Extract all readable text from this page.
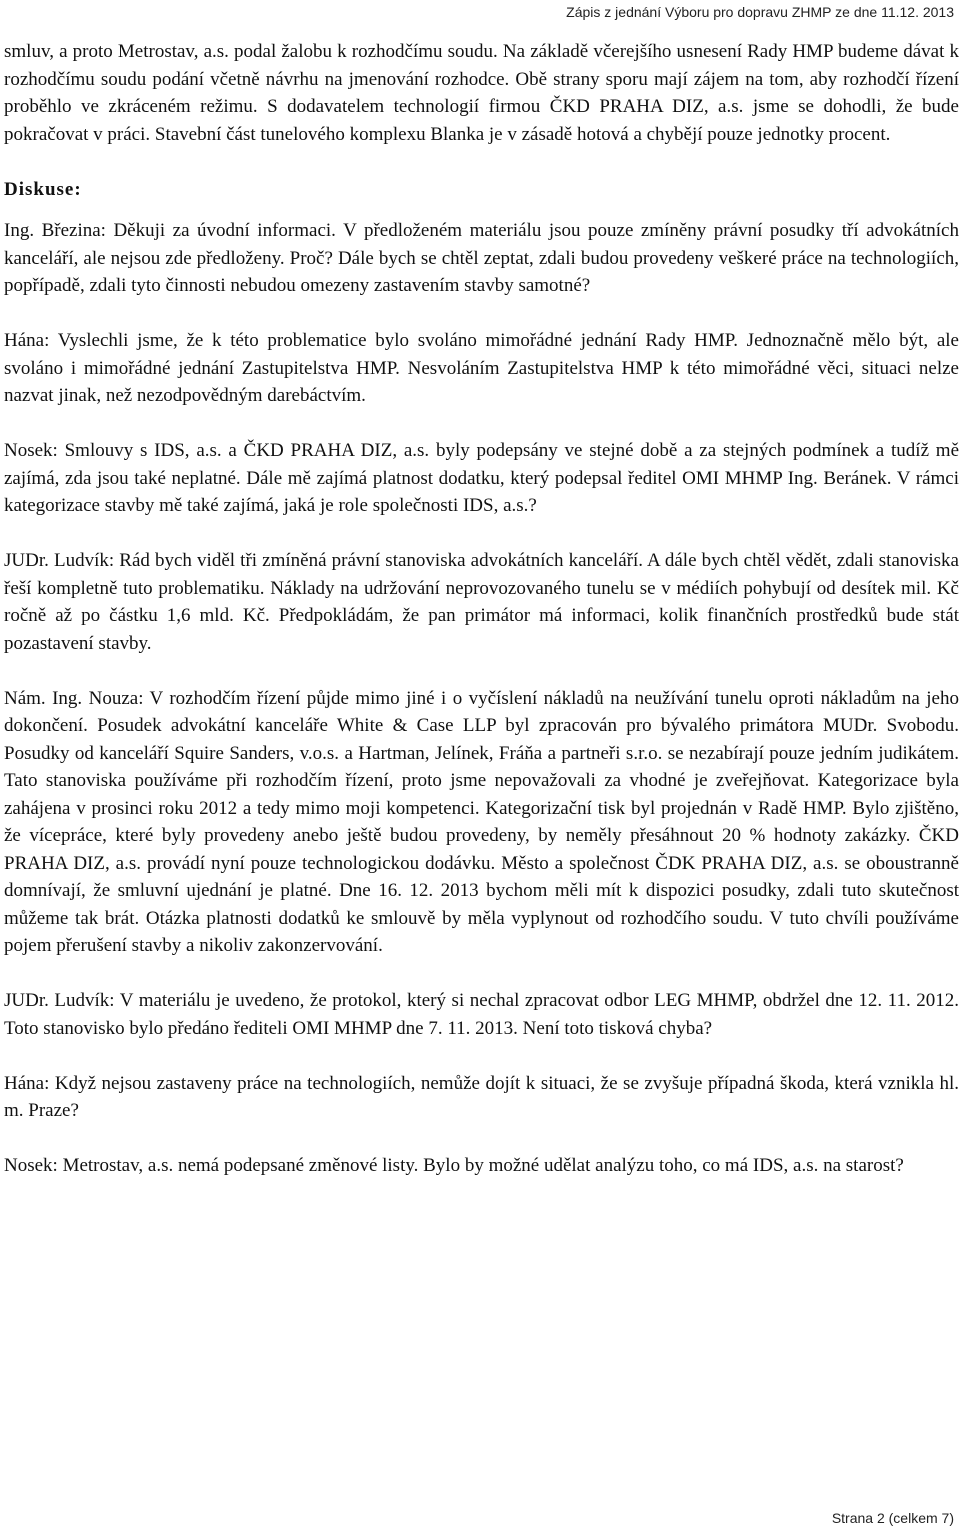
Zápis z jednání Výboru pro dopravu ZHMP ze dne 11.12. 2013

smluv, a proto Metrostav, a.s. podal žalobu k rozhodčímu soudu. Na základě včerejšího usnesení Rady HMP budeme dávat k rozhodčímu soudu podání včetně návrhu na jmenování rozhodce. Obě strany sporu mají zájem na tom, aby rozhodčí řízení proběhlo ve zkráceném režimu. S dodavatelem technologií firmou ČKD PRAHA DIZ, a.s. jsme se dohodli, že bude pokračovat v práci. Stavební část tunelového komplexu Blanka je v zásadě hotová a chybějí pouze jednotky procent.

Diskuse:

Ing. Březina: Děkuji za úvodní informaci. V předloženém materiálu jsou pouze zmíněny právní posudky tří advokátních kanceláří, ale nejsou zde předloženy. Proč? Dále bych se chtěl zeptat, zdali budou provedeny veškeré práce na technologiích, popřípadě, zdali tyto činnosti nebudou omezeny zastavením stavby samotné?

Hána: Vyslechli jsme, že k této problematice bylo svoláno mimořádné jednání Rady HMP. Jednoznačně mělo být, ale svoláno i mimořádné jednání Zastupitelstva HMP. Nesvoláním Zastupitelstva HMP k této mimořádné věci, situaci nelze nazvat jinak, než nezodpovědným darebáctvím.

Nosek: Smlouvy s IDS, a.s. a ČKD PRAHA DIZ, a.s. byly podepsány ve stejné době a za stejných podmínek a tudíž mě zajímá, zda jsou také neplatné. Dále mě zajímá platnost dodatku, který podepsal ředitel OMI MHMP Ing. Beránek. V rámci kategorizace stavby mě také zajímá, jaká je role společnosti IDS, a.s.?

JUDr. Ludvík: Rád bych viděl tři zmíněná právní stanoviska advokátních kanceláří. A dále bych chtěl vědět, zdali stanoviska řeší kompletně tuto problematiku. Náklady na udržování neprovozovaného tunelu se v médiích pohybují od desítek mil. Kč ročně až po částku 1,6 mld. Kč. Předpokládám, že pan primátor má informaci, kolik finančních prostředků bude stát pozastavení stavby.

Nám. Ing. Nouza: V rozhodčím řízení půjde mimo jiné i o vyčíslení nákladů na neužívání tunelu oproti nákladům na jeho dokončení. Posudek advokátní kanceláře White & Case LLP byl zpracován pro bývalého primátora MUDr. Svobodu. Posudky od kanceláří Squire Sanders, v.o.s. a Hartman, Jelínek, Fráňa a partneři s.r.o. se nezabírají pouze jedním judikátem. Tato stanoviska používáme při rozhodčím řízení, proto jsme nepovažovali za vhodné je zveřejňovat. Kategorizace byla zahájena v prosinci roku 2012 a tedy mimo moji kompetenci. Kategorizační tisk byl projednán v Radě HMP. Bylo zjištěno, že vícepráce, které byly provedeny anebo ještě budou provedeny, by neměly přesáhnout 20 % hodnoty zakázky. ČKD PRAHA DIZ, a.s. provádí nyní pouze technologickou dodávku. Město a společnost ČDK PRAHA DIZ, a.s. se oboustranně domnívají, že smluvní ujednání je platné. Dne 16. 12. 2013 bychom měli mít k dispozici posudky, zdali tuto skutečnost můžeme tak brát. Otázka platnosti dodatků ke smlouvě by měla vyplynout od rozhodčího soudu. V tuto chvíli používáme pojem přerušení stavby a nikoliv zakonzervování.

JUDr. Ludvík: V materiálu je uvedeno, že protokol, který si nechal zpracovat odbor LEG MHMP, obdržel dne 12. 11. 2012. Toto stanovisko bylo předáno řediteli OMI MHMP dne 7. 11. 2013. Není toto tisková chyba?

Hána: Když nejsou zastaveny práce na technologiích, nemůže dojít k situaci, že se zvyšuje případná škoda, která vznikla hl. m. Praze?

Nosek: Metrostav, a.s. nemá podepsané změnové listy. Bylo by možné udělat analýzu toho, co má IDS, a.s. na starost?

Strana 2 (celkem 7)
